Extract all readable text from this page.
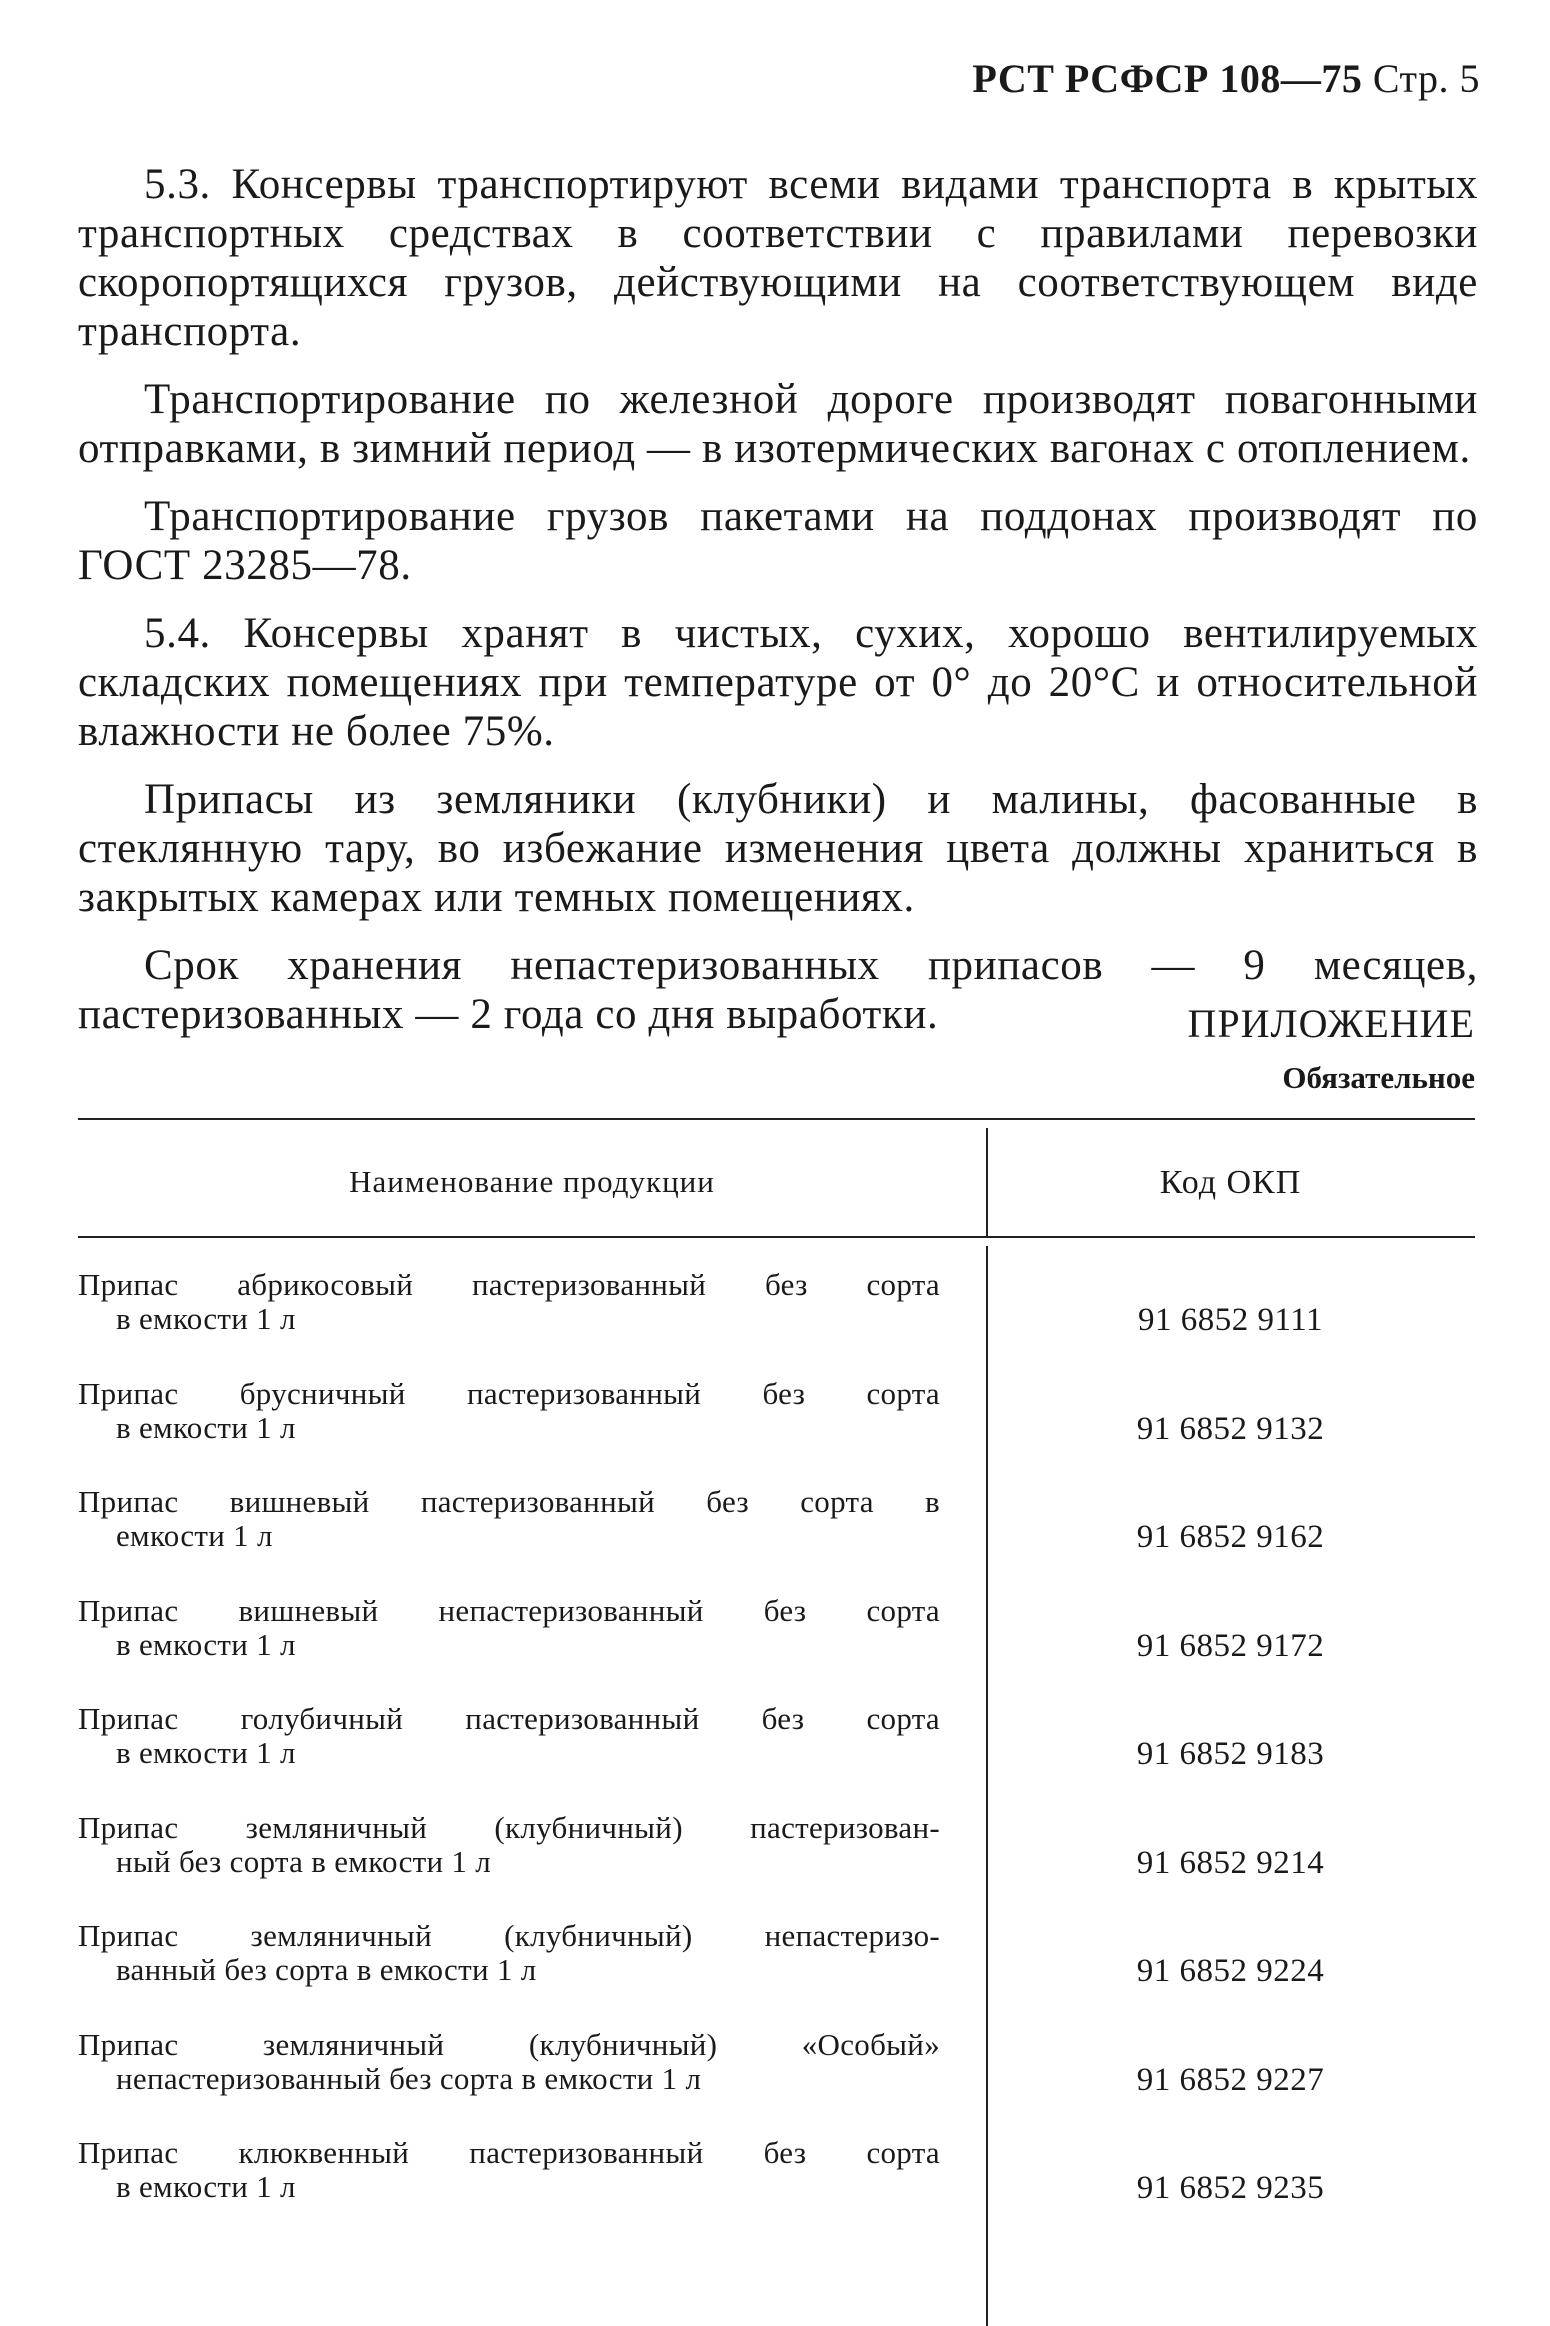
РСТ РСФСР 108—75 Стр. 5

5.3. Консервы транспортируют всеми видами транспорта в крытых транспортных средствах в соответствии с правилами перевозки скоропортящихся грузов, действующими на соответствующем виде транспорта.

Транспортирование по железной дороге производят повагонными отправками, в зимний период — в изотермических вагонах с отоплением.

Транспортирование грузов пакетами на поддонах производят по ГОСТ 23285—78.

5.4. Консервы хранят в чистых, сухих, хорошо вентилируемых складских помещениях при температуре от 0° до 20°С и относительной влажности не более 75%.

Припасы из земляники (клубники) и малины, фасованные в стеклянную тару, во избежание изменения цвета должны храниться в закрытых камерах или темных помещениях.

Срок хранения непастеризованных припасов — 9 месяцев, пастеризованных — 2 года со дня выработки.	ПРИЛОЖЕНИЕ
Обязательное
Наименование продукции	Код ОКП
Припас абрикосовый пастеризованный без сорта
в емкости 1 л	91 6852 9111
Припас брусничный пастеризованный без сорта
в емкости 1 л	91 6852 9132
Припас вишневый пастеризованный без сорта в
емкости 1 л	91 6852 9162
Припас вишневый непастеризованный без сорта
в емкости 1 л	91 6852 9172
Припас голубичный пастеризованный без сорта
в емкости 1 л	91 6852 9183
Припас земляничный (клубничный) пастеризован-
ный без сорта в емкости 1 л	91 6852 9214
Припас земляничный (клубничный) непастеризо-
ванный без сорта в емкости 1 л	91 6852 9224
Припас земляничный (клубничный) «Особый»
непастеризованный без сорта в емкости 1 л	91 6852 9227
Припас клюквенный пастеризованный без сорта
в емкости 1 л	91 6852 9235
